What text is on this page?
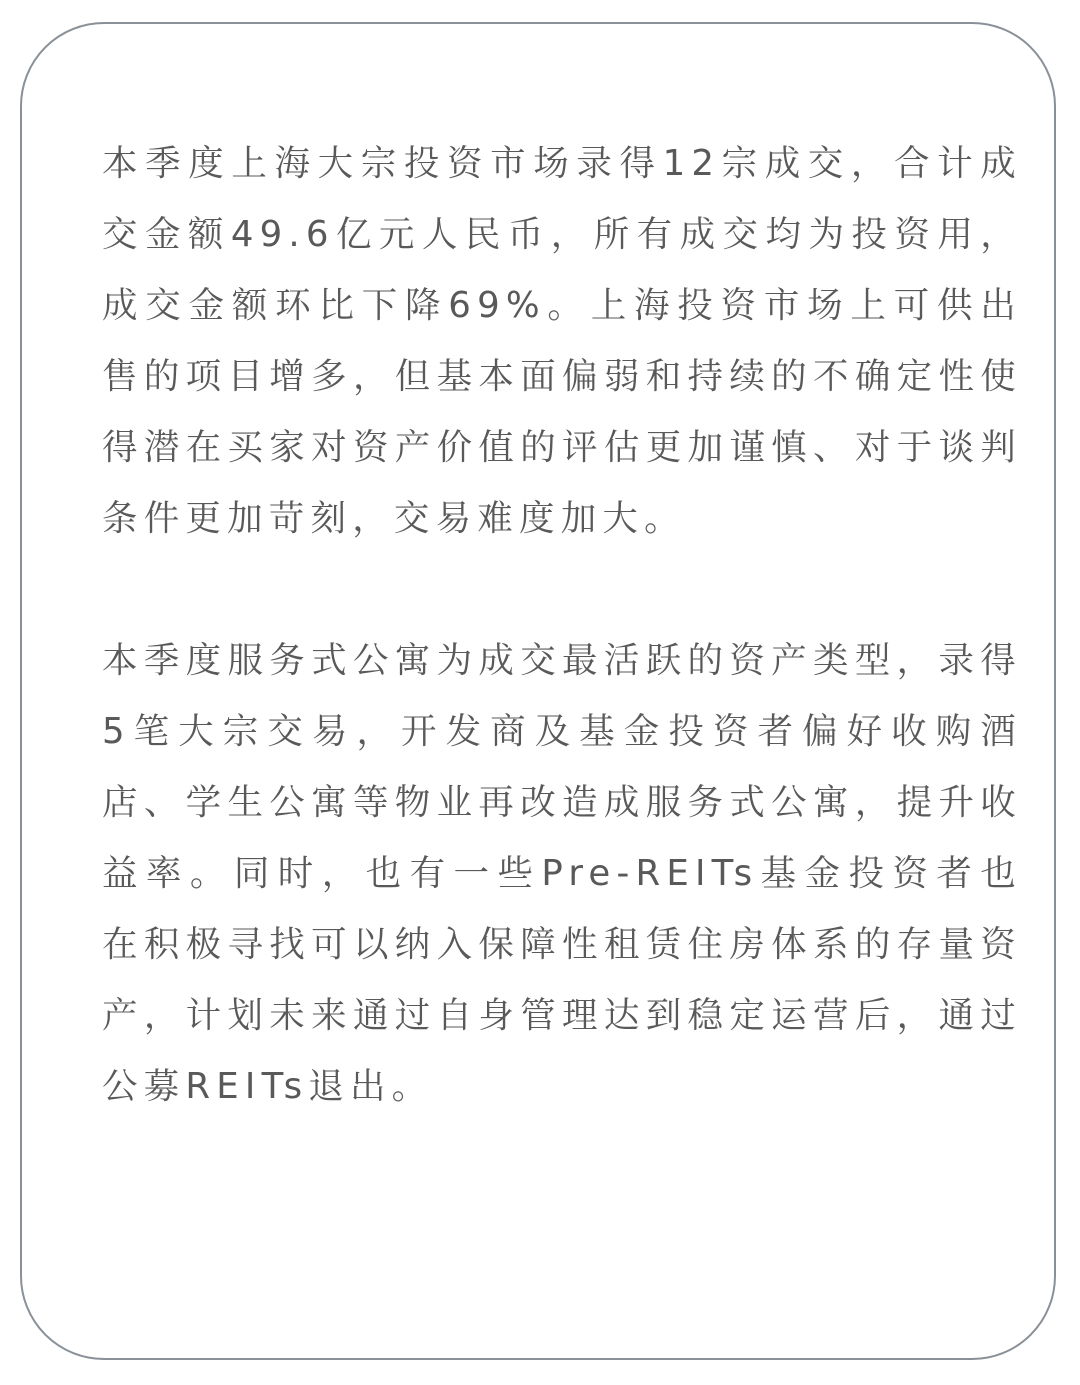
本季度上海大宗投资市场录得12宗成交，合计成交金额49.6亿元人民币，所有成交均为投资用，成交金额环比下降69%。上海投资市场上可供出售的项目增多，但基本面偏弱和持续的不确定性使得潜在买家对资产价值的评估更加谨慎、对于谈判条件更加苛刻，交易难度加大。

本季度服务式公寓为成交最活跃的资产类型，录得5笔大宗交易，开发商及基金投资者偏好收购酒店、学生公寓等物业再改造成服务式公寓，提升收益率。同时，也有一些Pre-REITs基金投资者也在积极寻找可以纳入保障性租赁住房体系的存量资产，计划未来通过自身管理达到稳定运营后，通过公募REITs退出。
